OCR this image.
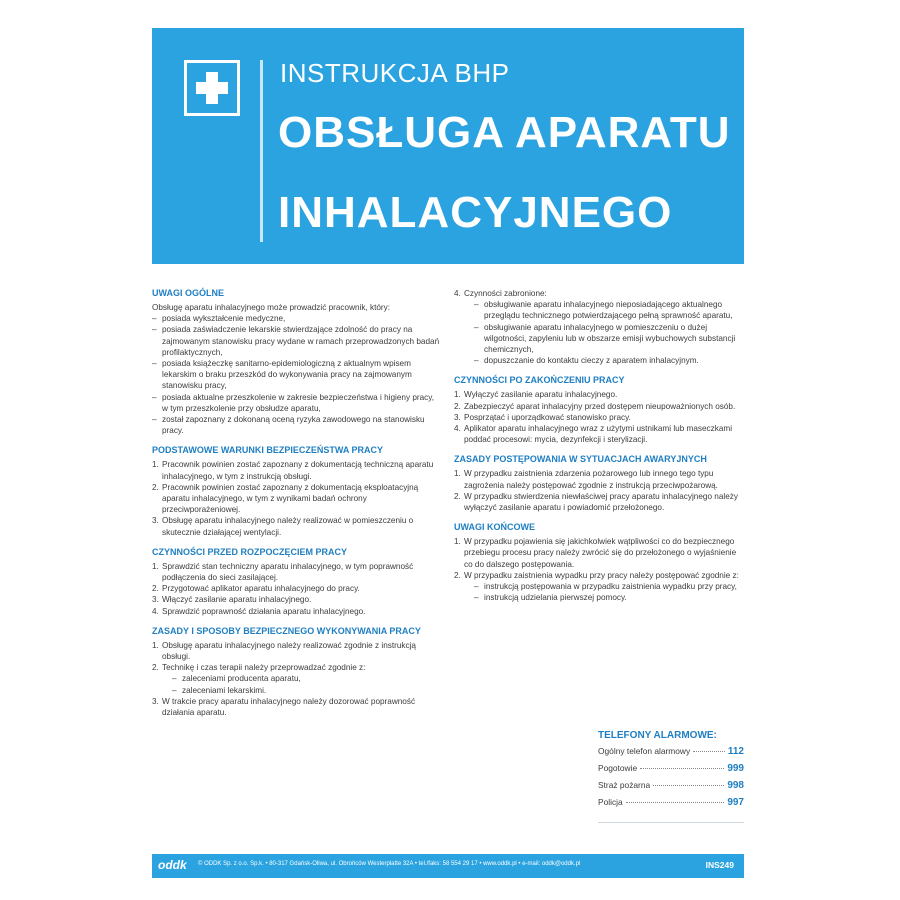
INSTRUKCJA BHP
OBSŁUGA APARATU
INHALACYJNEGO
UWAGI OGÓLNE

Obsługę aparatu inhalacyjnego może prowadzić pracownik, który:

– posiada wykształcenie medyczne,
– posiada zaświadczenie lekarskie stwierdzające zdolność do pracy na zajmowanym stanowisku pracy wydane w ramach przeprowadzonych badań profilaktycznych,
– posiada książeczkę sanitarno-epidemiologiczną z aktualnym wpisem lekarskim o braku przeszkód do wykonywania pracy na zajmowanym stanowisku pracy,
– posiada aktualne przeszkolenie w zakresie bezpieczeństwa i higieny pracy, w tym przeszkolenie przy obsłudze aparatu,
– został zapoznany z dokonaną oceną ryzyka zawodowego na stanowisku pracy.
PODSTAWOWE WARUNKI BEZPIECZEŃSTWA PRACY
1. Pracownik powinien zostać zapoznany z dokumentacją techniczną aparatu inhalacyjnego, w tym z instrukcją obsługi.
2. Pracownik powinien zostać zapoznany z dokumentacją eksploatacyjną aparatu inhalacyjnego, w tym z wynikami badań ochrony przeciwporażeniowej.
3. Obsługę aparatu inhalacyjnego należy realizować w pomieszczeniu o skutecznie działającej wentylacji.
CZYNNOŚCI PRZED ROZPOCZĘCIEM PRACY
1. Sprawdzić stan techniczny aparatu inhalacyjnego, w tym poprawność podłączenia do sieci zasilającej.
2. Przygotować aplikator aparatu inhalacyjnego do pracy.
3. Włączyć zasilanie aparatu inhalacyjnego.
4. Sprawdzić poprawność działania aparatu inhalacyjnego.
ZASADY I SPOSOBY BEZPIECZNEGO WYKONYWANIA PRACY
1. Obsługę aparatu inhalacyjnego należy realizować zgodnie z instrukcją obsługi.
2. Technikę i czas terapii należy przeprowadzać zgodnie z:
– zaleceniami producenta aparatu,
– zaleceniami lekarskimi.
3. W trakcie pracy aparatu inhalacyjnego należy dozorować poprawność działania aparatu.
4. Czynności zabronione:
– obsługiwanie aparatu inhalacyjnego nieposiadającego aktualnego przeglądu technicznego potwierdzającego pełną sprawność aparatu,
– obsługiwanie aparatu inhalacyjnego w pomieszczeniu o dużej wilgotności, zapyleniu lub w obszarze emisji wybuchowych substancji chemicznych,
– dopuszczanie do kontaktu cieczy z aparatem inhalacyjnym.
CZYNNOŚCI PO ZAKOŃCZENIU PRACY
1. Wyłączyć zasilanie aparatu inhalacyjnego.
2. Zabezpieczyć aparat inhalacyjny przed dostępem nieupoważnionych osób.
3. Posprzątać i uporządkować stanowisko pracy.
4. Aplikator aparatu inhalacyjnego wraz z użytymi ustnikami lub maseczkami poddać procesowi: mycia, dezynfekcji i sterylizacji.
ZASADY POSTĘPOWANIA W SYTUACJACH AWARYJNYCH
1. W przypadku zaistnienia zdarzenia pożarowego lub innego tego typu zagrożenia należy postępować zgodnie z instrukcją przeciwpożarową.
2. W przypadku stwierdzenia niewłaściwej pracy aparatu inhalacyjnego należy wyłączyć zasilanie aparatu i powiadomić przełożonego.
UWAGI KOŃCOWE
1. W przypadku pojawienia się jakichkolwiek wątpliwości co do bezpiecznego przebiegu procesu pracy należy zwrócić się do przełożonego o wyjaśnienie co do dalszego postępowania.
2. W przypadku zaistnienia wypadku przy pracy należy postępować zgodnie z:
– instrukcją postępowania w przypadku zaistnienia wypadku przy pracy,
– instrukcją udzielania pierwszej pomocy.
TELEFONY ALARMOWE:
Ogólny telefon alarmowy	112
Pogotowie	999
Straż pożarna	998
Policja	997
oddk © ODDK Sp. z o.o. Sp.k. • 80-317 Gdańsk-Oliwa, ul. Obrońców Westerplatte 32A • tel./faks: 58 554 29 17 • www.oddk.pl • e-mail: oddk@oddk.pl	INS249
